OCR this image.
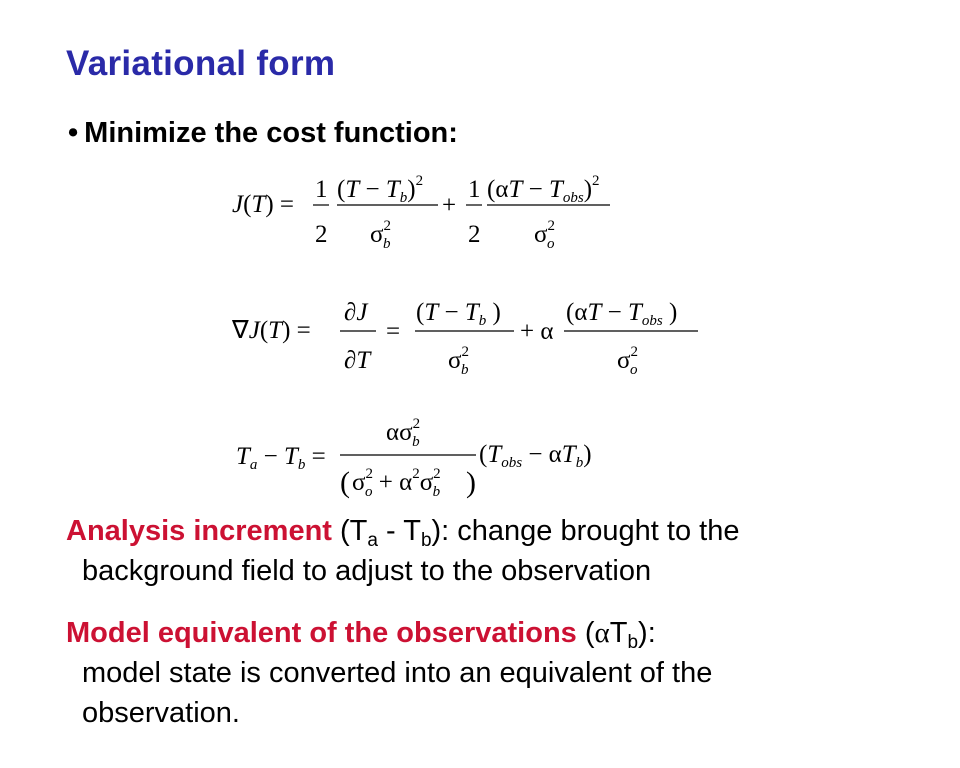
Variational form
• Minimize the cost function:
J(T) =
1
2
$(T - T_b)^2$
$\sigma^2$ b
+
1
2
$(\alpha T - T_{obs})^2$
$\sigma^2$ o
∇J(T) =
∂J
∂T
=
($T - T_b$ )
$\sigma^2$ b
+ α
($\alpha T - T_{obs}$ )
$\sigma^2$ o
$T_a - T_b$ =
$\alpha\sigma^2$ b
( $\sigma^2$ $o + \alpha^2\sigma^2$ b )
$(T_{obs} - \alpha T_b)$
Analysis increment $(T_a - T_b)$: change brought to the
background field to adjust to the observation
Model equivalent of the observations $(\alpha T_b)$:
model state is converted into an equivalent of the
observation.
